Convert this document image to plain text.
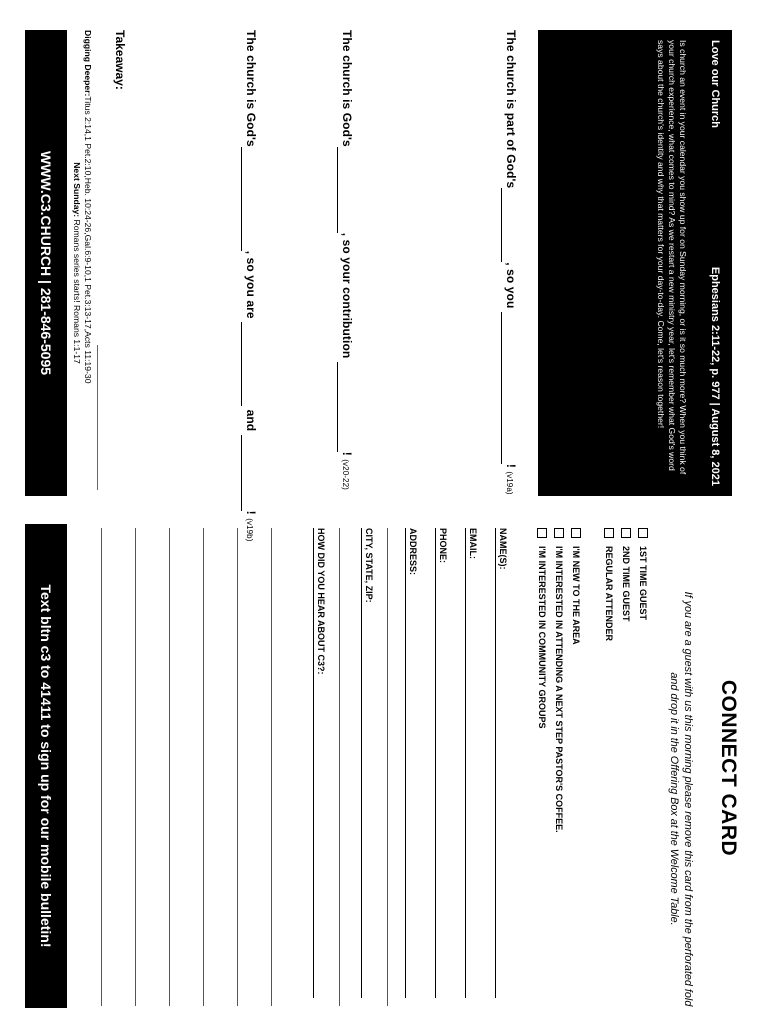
Love our Church
Ephesians 2:11-22, p. 977 | August 8, 2021

Is church an event in your calendar you show up for on Sunday morning, or is it so much more? When you think of your church experience, what comes to mind? As we restart a new ministry year, let's remember what God's word says about the church's identity and why that matters for your day-to-day. Come, let's reason together!

The church is part of God's, so you ! (v19a)
The church is God's, so your contribution ! (v20-22)
The church is God's, so you are  and ! (v19b)
Takeaway:
Digging Deeper:Titus 2:14,1 Pet.2:10,Heb. 10:24-26,Gal.6:9-10,1 Pet.3:13-17,Acts 11:19-30
Next Sunday: Romans series starts! Romans 1:1-17
WWW.C3.CHURCH | 281-846-5095
CONNECT CARD
If you are a guest with us this morning please remove this card from the perforated fold and drop it in the Offering Box at the Welcome Table.
1ST TIME GUEST
2ND TIME GUEST
REGULAR ATTENDER
I'M NEW TO THE AREA
I'M INTERESTED IN ATTENDING A NEXT STEP PASTOR'S COFFEE.
I'M INTERESTED IN COMMUNITY GROUPS
NAME(S):
EMAIL:
PHONE:
ADDRESS:
CITY, STATE, ZIP:
HOW DID YOU HEAR ABOUT C3?:
Text bltn c3 to 41411 to sign up for our mobile bulletin!
